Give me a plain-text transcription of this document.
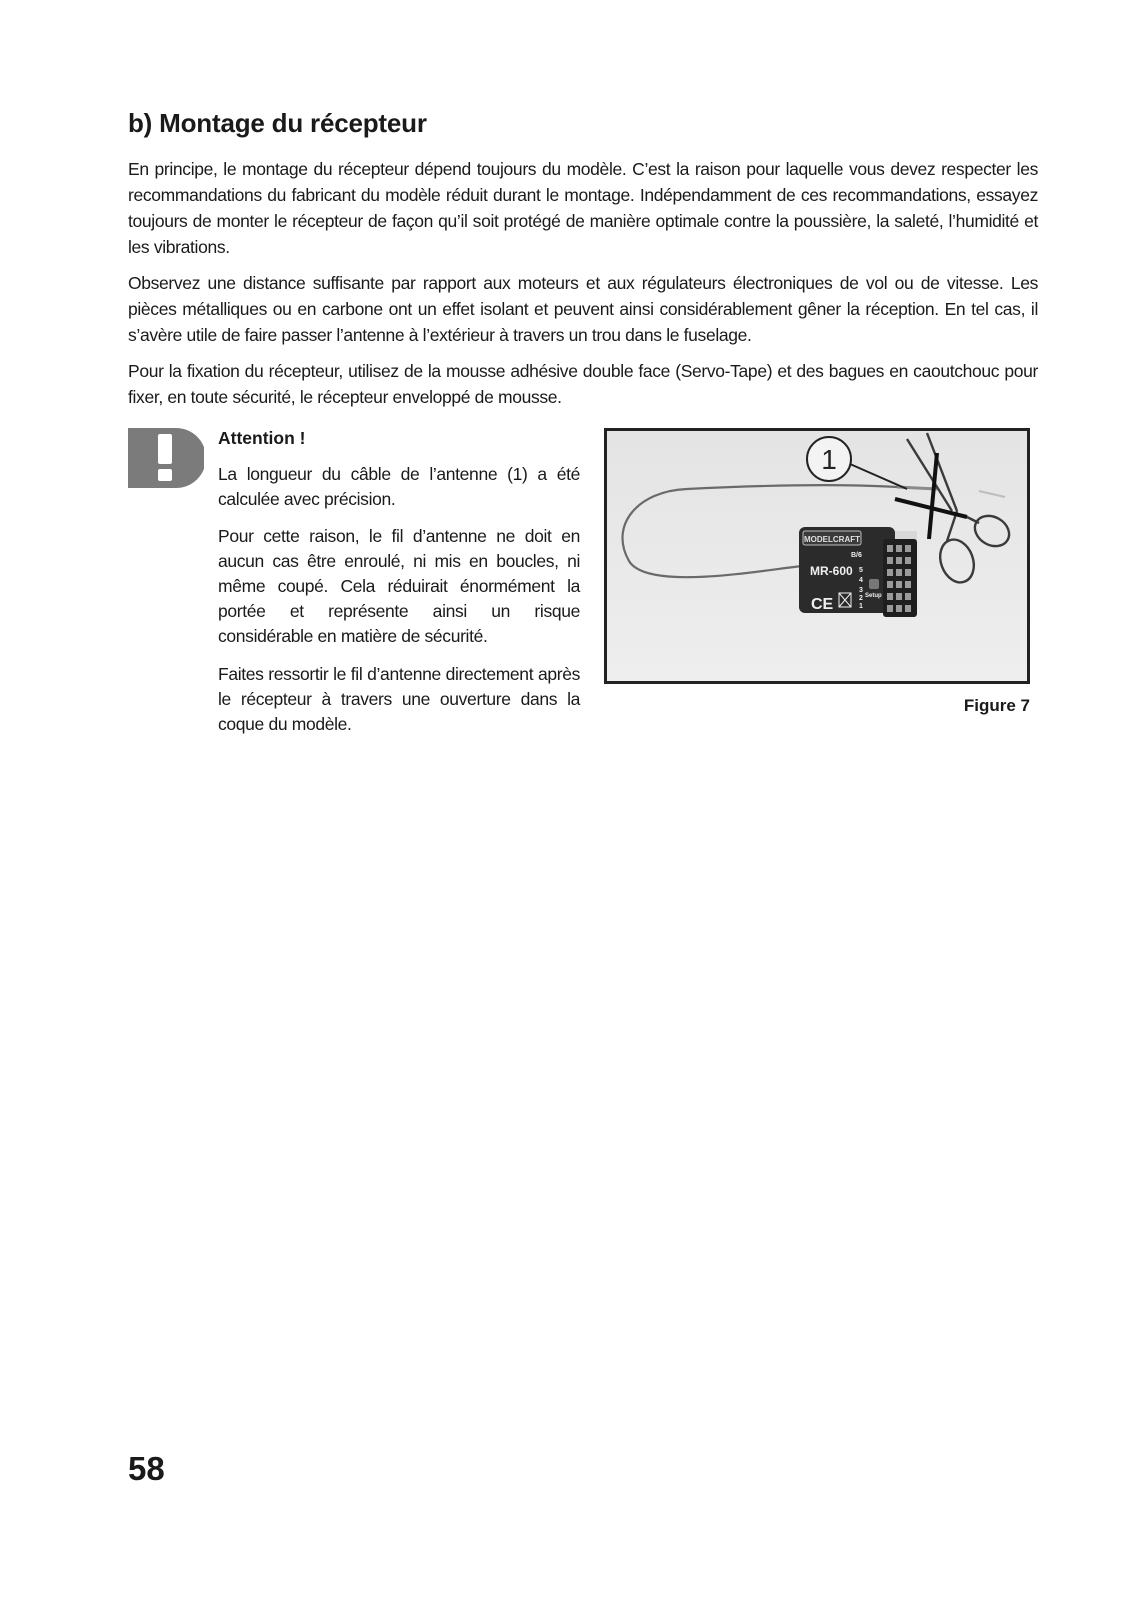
b) Montage du récepteur

En principe, le montage du récepteur dépend toujours du modèle. C’est la raison pour laquelle vous devez respecter les recommandations du fabricant du modèle réduit durant le montage. Indépendamment de ces recommandations, essayez toujours de monter le récepteur de façon qu’il soit protégé de manière optimale contre la poussière, la saleté, l’humidité et les vibrations.

Observez une distance suffisante par rapport aux moteurs et aux régulateurs électroniques de vol ou de vitesse. Les pièces métalliques ou en carbone ont un effet isolant et peuvent ainsi considérablement gêner la réception. En tel cas, il s’avère utile de faire passer l’antenne à l’extérieur à travers un trou dans le fuselage.

Pour la fixation du récepteur, utilisez de la mousse adhésive double face (Servo-Tape) et des bagues en caoutchouc pour fixer, en toute sécurité, le récepteur enveloppé de mousse.

Attention !

La longueur du câble de l’antenne (1) a été calculée avec précision.

Pour cette raison, le fil d’antenne ne doit en aucun cas être enroulé, ni mis en boucles, ni même coupé. Cela réduirait énormément la portée et représente ainsi un risque considérable en matière de sécurité.

Faites ressortir le fil d’antenne directement après le récepteur à travers une ouverture dans la coque du modèle.

1
MODELCRAFT
MR-600
B/6
5
4
3
2
1
Setup
CE

Figure 7

58
